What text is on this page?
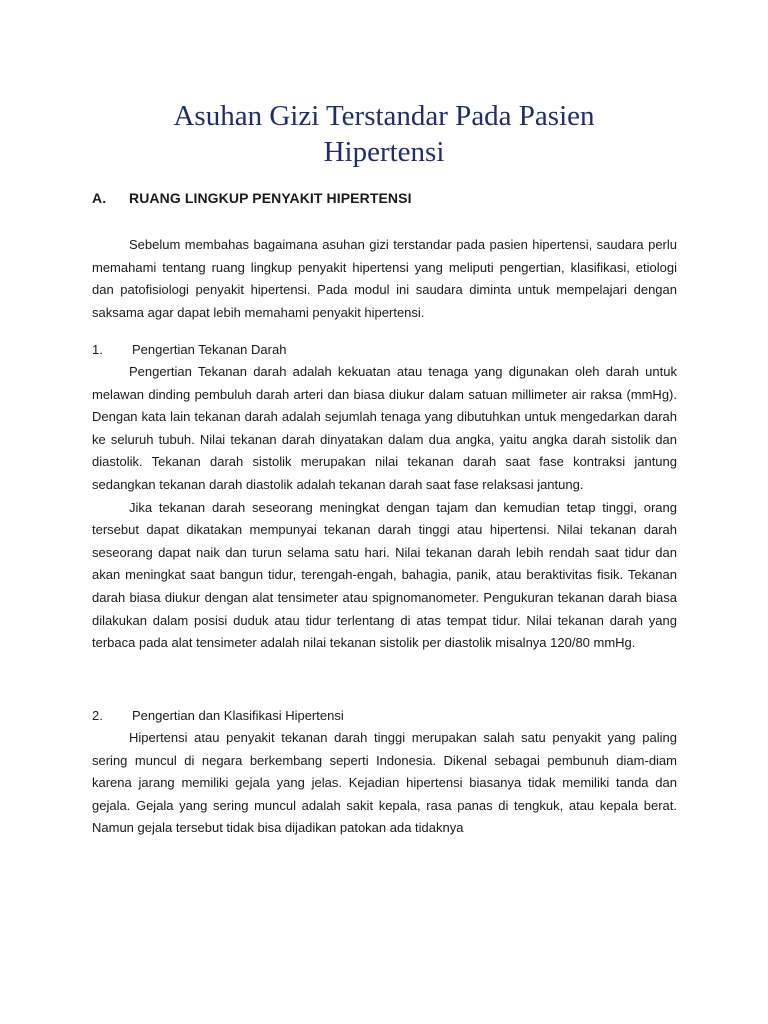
Asuhan Gizi Terstandar Pada Pasien
Hipertensi
A. RUANG LINGKUP PENYAKIT HIPERTENSI

Sebelum membahas bagaimana asuhan gizi terstandar pada pasien hipertensi, saudara perlu memahami tentang ruang lingkup penyakit hipertensi yang meliputi pengertian, klasifikasi, etiologi dan patofisiologi penyakit hipertensi. Pada modul ini saudara diminta untuk mempelajari dengan saksama agar dapat lebih memahami penyakit hipertensi.

1. Pengertian Tekanan Darah

Pengertian Tekanan darah adalah kekuatan atau tenaga yang digunakan oleh darah untuk melawan dinding pembuluh darah arteri dan biasa diukur dalam satuan millimeter air raksa (mmHg). Dengan kata lain tekanan darah adalah sejumlah tenaga yang dibutuhkan untuk mengedarkan darah ke seluruh tubuh. Nilai tekanan darah dinyatakan dalam dua angka, yaitu angka darah sistolik dan diastolik. Tekanan darah sistolik merupakan nilai tekanan darah saat fase kontraksi jantung sedangkan tekanan darah diastolik adalah tekanan darah saat fase relaksasi jantung.

Jika tekanan darah seseorang meningkat dengan tajam dan kemudian tetap tinggi, orang tersebut dapat dikatakan mempunyai tekanan darah tinggi atau hipertensi. Nilai tekanan darah seseorang dapat naik dan turun selama satu hari. Nilai tekanan darah lebih rendah saat tidur dan akan meningkat saat bangun tidur, terengah-engah, bahagia, panik, atau beraktivitas fisik. Tekanan darah biasa diukur dengan alat tensimeter atau spignomanometer. Pengukuran tekanan darah biasa dilakukan dalam posisi duduk atau tidur terlentang di atas tempat tidur. Nilai tekanan darah yang terbaca pada alat tensimeter adalah nilai tekanan sistolik per diastolik misalnya 120/80 mmHg.

2. Pengertian dan Klasifikasi Hipertensi

Hipertensi atau penyakit tekanan darah tinggi merupakan salah satu penyakit yang paling sering muncul di negara berkembang seperti Indonesia. Dikenal sebagai pembunuh diam-diam karena jarang memiliki gejala yang jelas. Kejadian hipertensi biasanya tidak memiliki tanda dan gejala. Gejala yang sering muncul adalah sakit kepala, rasa panas di tengkuk, atau kepala berat. Namun gejala tersebut tidak bisa dijadikan patokan ada tidaknya
